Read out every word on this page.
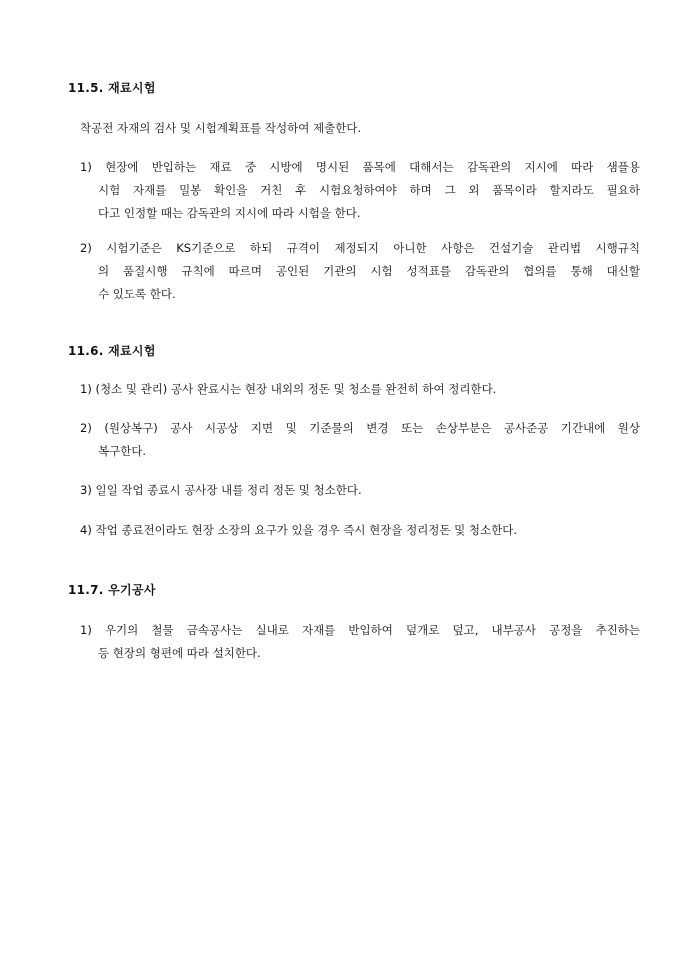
11.5. 재료시험
착공전 자재의 검사 및 시험계획표를 작성하여 제출한다.
1) 현장에 반입하는 재료 중 시방에 명시된 품목에 대해서는 감독관의 지시에 따라 샘플용
시험 자재를 밀봉 확인을 거친 후 시험요청하여야 하며 그 외 품목이라 할지라도 필요하
다고 인정할 때는 감독관의 지시에 따라 시험을 한다.
2) 시험기준은 KS기준으로 하되 규격이 제정되지 아니한 사항은 건설기술 관리법 시행규칙
의 품질시행 규칙에 따르며 공인된 기관의 시험 성적표를 감독관의 협의를 통해 대신할
수 있도록 한다.
11.6. 재료시험
1) (청소 및 관리) 공사 완료시는 현장 내외의 정돈 및 청소를 완전히 하여 정리한다.
2) (원상복구) 공사 시공상 지면 및 기준물의 변경 또는 손상부분은 공사준공 기간내에 원상
복구한다.
3) 일일 작업 종료시 공사장 내를 정리 정돈 및 청소한다.
4) 작업 종료전이라도 현장 소장의 요구가 있을 경우 즉시 현장을 정리정돈 및 청소한다.
11.7. 우기공사
1) 우기의 철물 금속공사는 실내로 자재를 반입하여 덮개로 덮고, 내부공사 공정을 추진하는
등 현장의 형편에 따라 설치한다.
